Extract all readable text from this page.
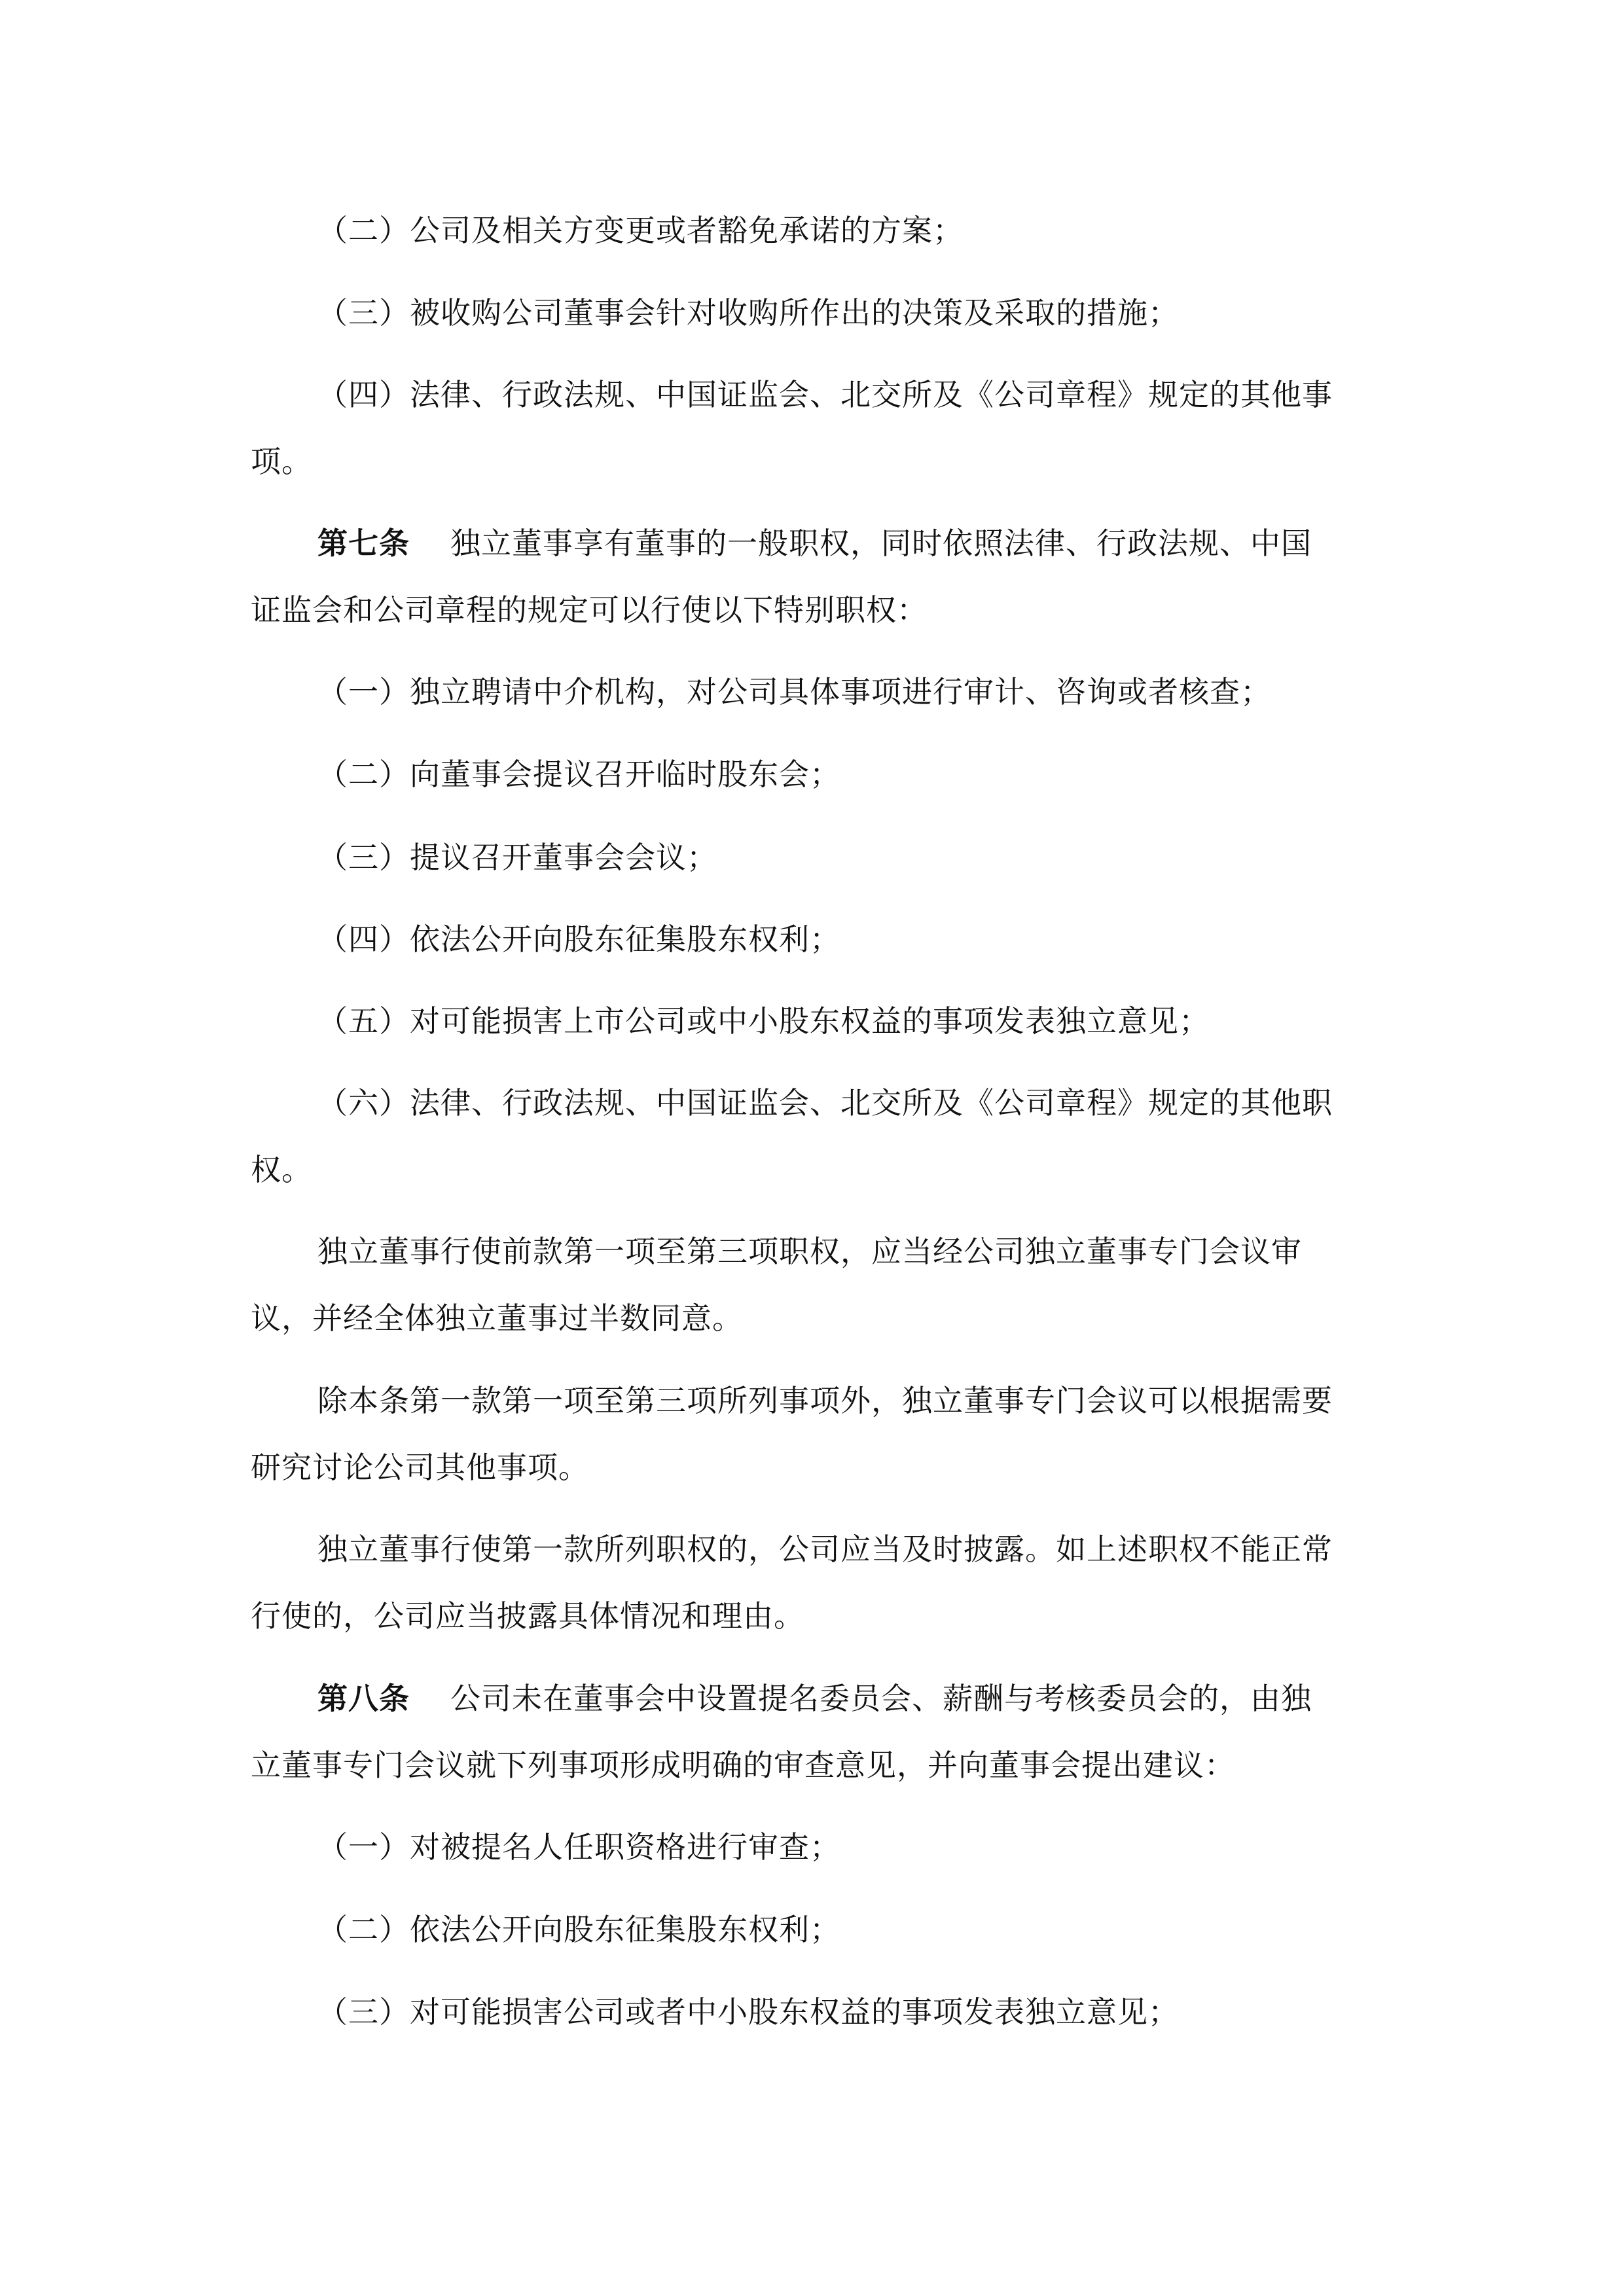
（二）公司及相关方变更或者豁免承诺的方案；
（三）被收购公司董事会针对收购所作出的决策及采取的措施；
（四）法律、行政法规、中国证监会、北交所及《公司章程》规定的其他事
项。
第七条 独立董事享有董事的一般职权，同时依照法律、行政法规、中国
证监会和公司章程的规定可以行使以下特别职权：
（一）独立聘请中介机构，对公司具体事项进行审计、咨询或者核查；
（二）向董事会提议召开临时股东会；
（三）提议召开董事会会议；
（四）依法公开向股东征集股东权利；
（五）对可能损害上市公司或中小股东权益的事项发表独立意见；
（六）法律、行政法规、中国证监会、北交所及《公司章程》规定的其他职
权。
独立董事行使前款第一项至第三项职权，应当经公司独立董事专门会议审
议，并经全体独立董事过半数同意。
除本条第一款第一项至第三项所列事项外，独立董事专门会议可以根据需要
研究讨论公司其他事项。
独立董事行使第一款所列职权的，公司应当及时披露。如上述职权不能正常
行使的，公司应当披露具体情况和理由。
第八条 公司未在董事会中设置提名委员会、薪酬与考核委员会的，由独
立董事专门会议就下列事项形成明确的审查意见，并向董事会提出建议：
（一）对被提名人任职资格进行审查；
（二）依法公开向股东征集股东权利；
（三）对可能损害公司或者中小股东权益的事项发表独立意见；
